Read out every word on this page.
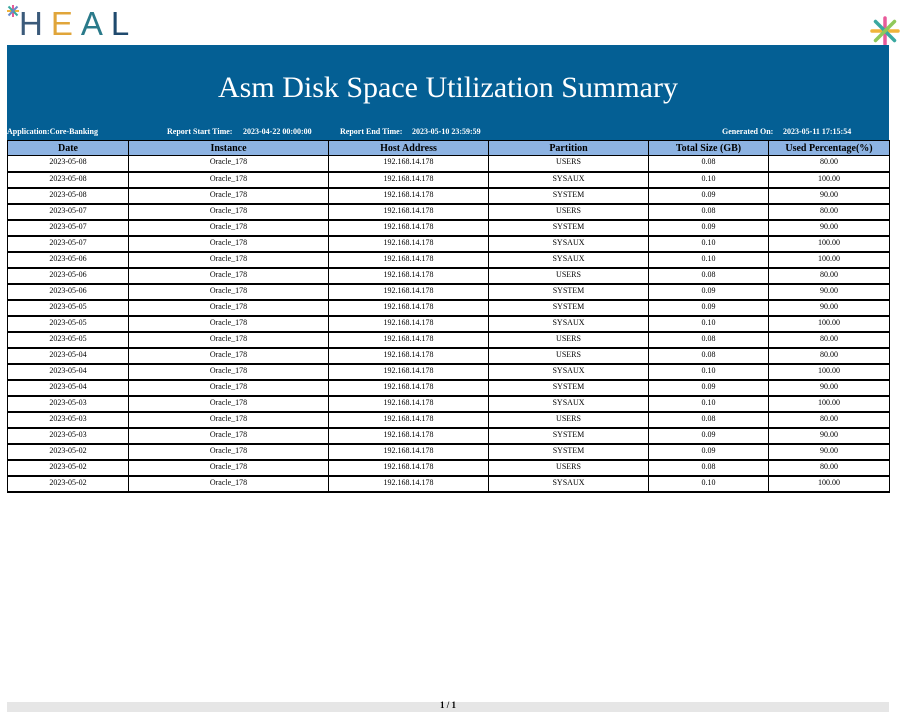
H E A L
Asm Disk Space Utilization Summary
Application:Core-Banking	Report Start Time: 2023-04-22 00:00:00	Report End Time: 2023-05-10 23:59:59	Generated On: 2023-05-11 17:15:54
Date	Instance	Host Address	Partition	Total Size (GB)	Used Percentage(%)
2023-05-08	Oracle_178	192.168.14.178	USERS	0.08	80.00
2023-05-08	Oracle_178	192.168.14.178	SYSAUX	0.10	100.00
2023-05-08	Oracle_178	192.168.14.178	SYSTEM	0.09	90.00
2023-05-07	Oracle_178	192.168.14.178	USERS	0.08	80.00
2023-05-07	Oracle_178	192.168.14.178	SYSTEM	0.09	90.00
2023-05-07	Oracle_178	192.168.14.178	SYSAUX	0.10	100.00
2023-05-06	Oracle_178	192.168.14.178	SYSAUX	0.10	100.00
2023-05-06	Oracle_178	192.168.14.178	USERS	0.08	80.00
2023-05-06	Oracle_178	192.168.14.178	SYSTEM	0.09	90.00
2023-05-05	Oracle_178	192.168.14.178	SYSTEM	0.09	90.00
2023-05-05	Oracle_178	192.168.14.178	SYSAUX	0.10	100.00
2023-05-05	Oracle_178	192.168.14.178	USERS	0.08	80.00
2023-05-04	Oracle_178	192.168.14.178	USERS	0.08	80.00
2023-05-04	Oracle_178	192.168.14.178	SYSAUX	0.10	100.00
2023-05-04	Oracle_178	192.168.14.178	SYSTEM	0.09	90.00
2023-05-03	Oracle_178	192.168.14.178	SYSAUX	0.10	100.00
2023-05-03	Oracle_178	192.168.14.178	USERS	0.08	80.00
2023-05-03	Oracle_178	192.168.14.178	SYSTEM	0.09	90.00
2023-05-02	Oracle_178	192.168.14.178	SYSTEM	0.09	90.00
2023-05-02	Oracle_178	192.168.14.178	USERS	0.08	80.00
2023-05-02	Oracle_178	192.168.14.178	SYSAUX	0.10	100.00
1 / 1
